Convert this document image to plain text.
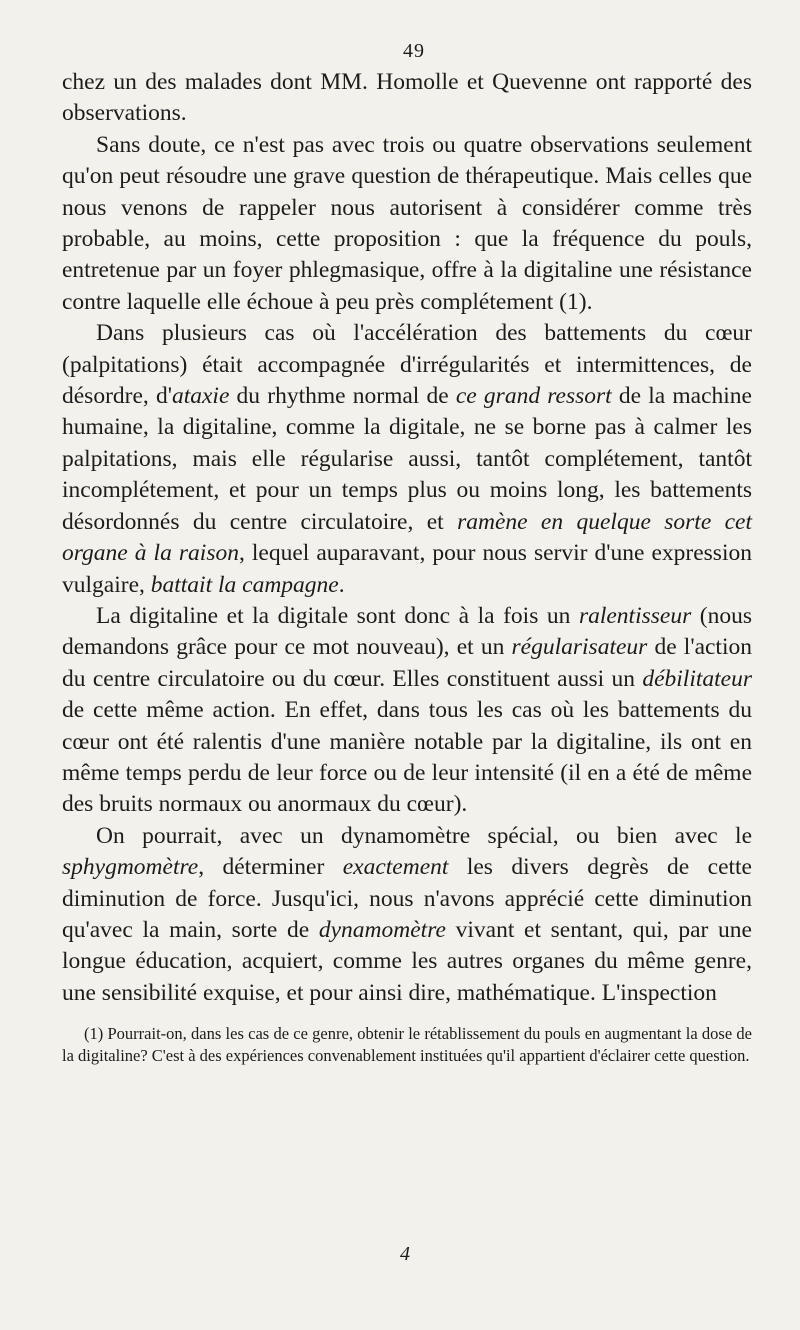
49

chez un des malades dont MM. Homolle et Quevenne ont rapporté des observations.

Sans doute, ce n'est pas avec trois ou quatre observations seulement qu'on peut résoudre une grave question de thérapeutique. Mais celles que nous venons de rappeler nous autorisent à considérer comme très probable, au moins, cette proposition : que la fréquence du pouls, entretenue par un foyer phlegmasique, offre à la digitaline une résistance contre laquelle elle échoue à peu près complétement (1).

Dans plusieurs cas où l'accélération des battements du cœur (palpitations) était accompagnée d'irrégularités et intermittences, de désordre, d'ataxie du rhythme normal de ce grand ressort de la machine humaine, la digitaline, comme la digitale, ne se borne pas à calmer les palpitations, mais elle régularise aussi, tantôt complétement, tantôt incomplétement, et pour un temps plus ou moins long, les battements désordonnés du centre circulatoire, et ramène en quelque sorte cet organe à la raison, lequel auparavant, pour nous servir d'une expression vulgaire, battait la campagne.

La digitaline et la digitale sont donc à la fois un ralentisseur (nous demandons grâce pour ce mot nouveau), et un régularisateur de l'action du centre circulatoire ou du cœur. Elles constituent aussi un débilitateur de cette même action. En effet, dans tous les cas où les battements du cœur ont été ralentis d'une manière notable par la digitaline, ils ont en même temps perdu de leur force ou de leur intensité (il en a été de même des bruits normaux ou anormaux du cœur).

On pourrait, avec un dynamomètre spécial, ou bien avec le sphygmomètre, déterminer exactement les divers degrès de cette diminution de force. Jusqu'ici, nous n'avons apprécié cette diminution qu'avec la main, sorte de dynamomètre vivant et sentant, qui, par une longue éducation, acquiert, comme les autres organes du même genre, une sensibilité exquise, et pour ainsi dire, mathématique. L'inspection

(1) Pourrait-on, dans les cas de ce genre, obtenir le rétablissement du pouls en augmentant la dose de la digitaline? C'est à des expériences convenablement instituées qu'il appartient d'éclairer cette question.
4
